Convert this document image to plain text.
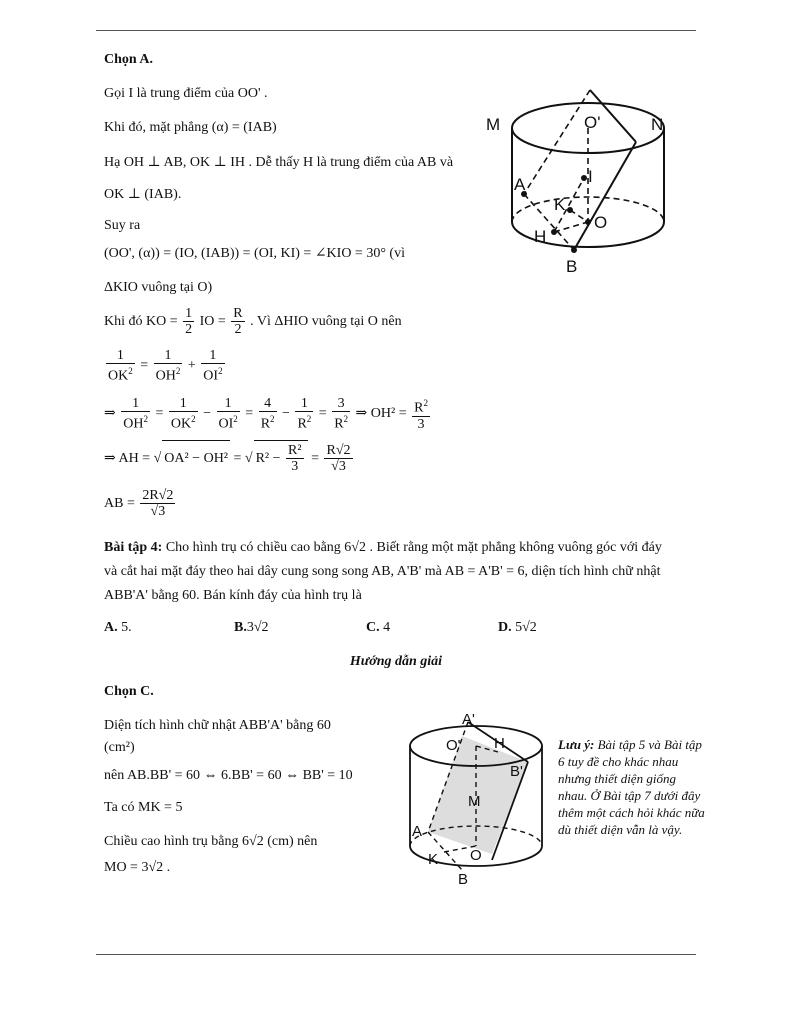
Chọn A.
Gọi I là trung điểm của OO' .
Khi đó, mặt phẳng (α) = (IAB)
Hạ OH ⊥ AB, OK ⊥ IH . Dễ thấy H là trung điểm của AB và
OK ⊥ (IAB).
Suy ra
(OO', (α)) = (IO, (IAB)) = (OI, KI) = ∠KIO = 30° (vì
ΔKIO vuông tại O)
Khi đó KO = $\frac{1}{2}$ IO = $\frac{R}{2}$ . Vì ΔHIO vuông tại O nên
$\frac{1}{OK^2} = \frac{1}{OH^2} + \frac{1}{OI^2}$
⇒ $\frac{1}{OH^2} = \frac{1}{OK^2} - \frac{1}{OI^2} = \frac{4}{R^2} - \frac{1}{R^2} = \frac{3}{R^2}$ ⇒ $OH^2 = \frac{R^2}{3}$
⇒ AH = √ OA² − OH² = √ $R^2 - \frac{\text{R²}}{3} = \frac{R√2}{√3}$
AB = $\frac{2R√2}{√3}$
M	N
O'
I
A
K
O
H
B
Bài tập 4: Cho hình trụ có chiều cao bằng 6√2 . Biết rằng một mặt phẳng không vuông góc với đáy
và cắt hai mặt đáy theo hai dây cung song song AB, A'B' mà AB = A'B' = 6, diện tích hình chữ nhật
ABB'A' bằng 60. Bán kính đáy của hình trụ là
A. 5.	B.3√2	C. 4	D. 5√2
Hướng dẫn giải
Chọn C.
Diện tích hình chữ nhật ABB'A' bằng 60
(cm²)
nên AB.BB' = 60 ⇔ 6.BB' = 60 ⇔ BB' = 10
Ta có MK = 5
Chiều cao hình trụ bằng 6√2 (cm) nên
MO = 3√2 .
A'
O' H
B'
M
A
K O
B
Lưu ý: Bài tập 5 và Bài tập 6 tuy đề cho khác nhau nhưng thiết diện giống nhau. Ở Bài tập 7 dưới đây thêm một cách hỏi khác nữa dù thiết diện vẫn là vậy.
